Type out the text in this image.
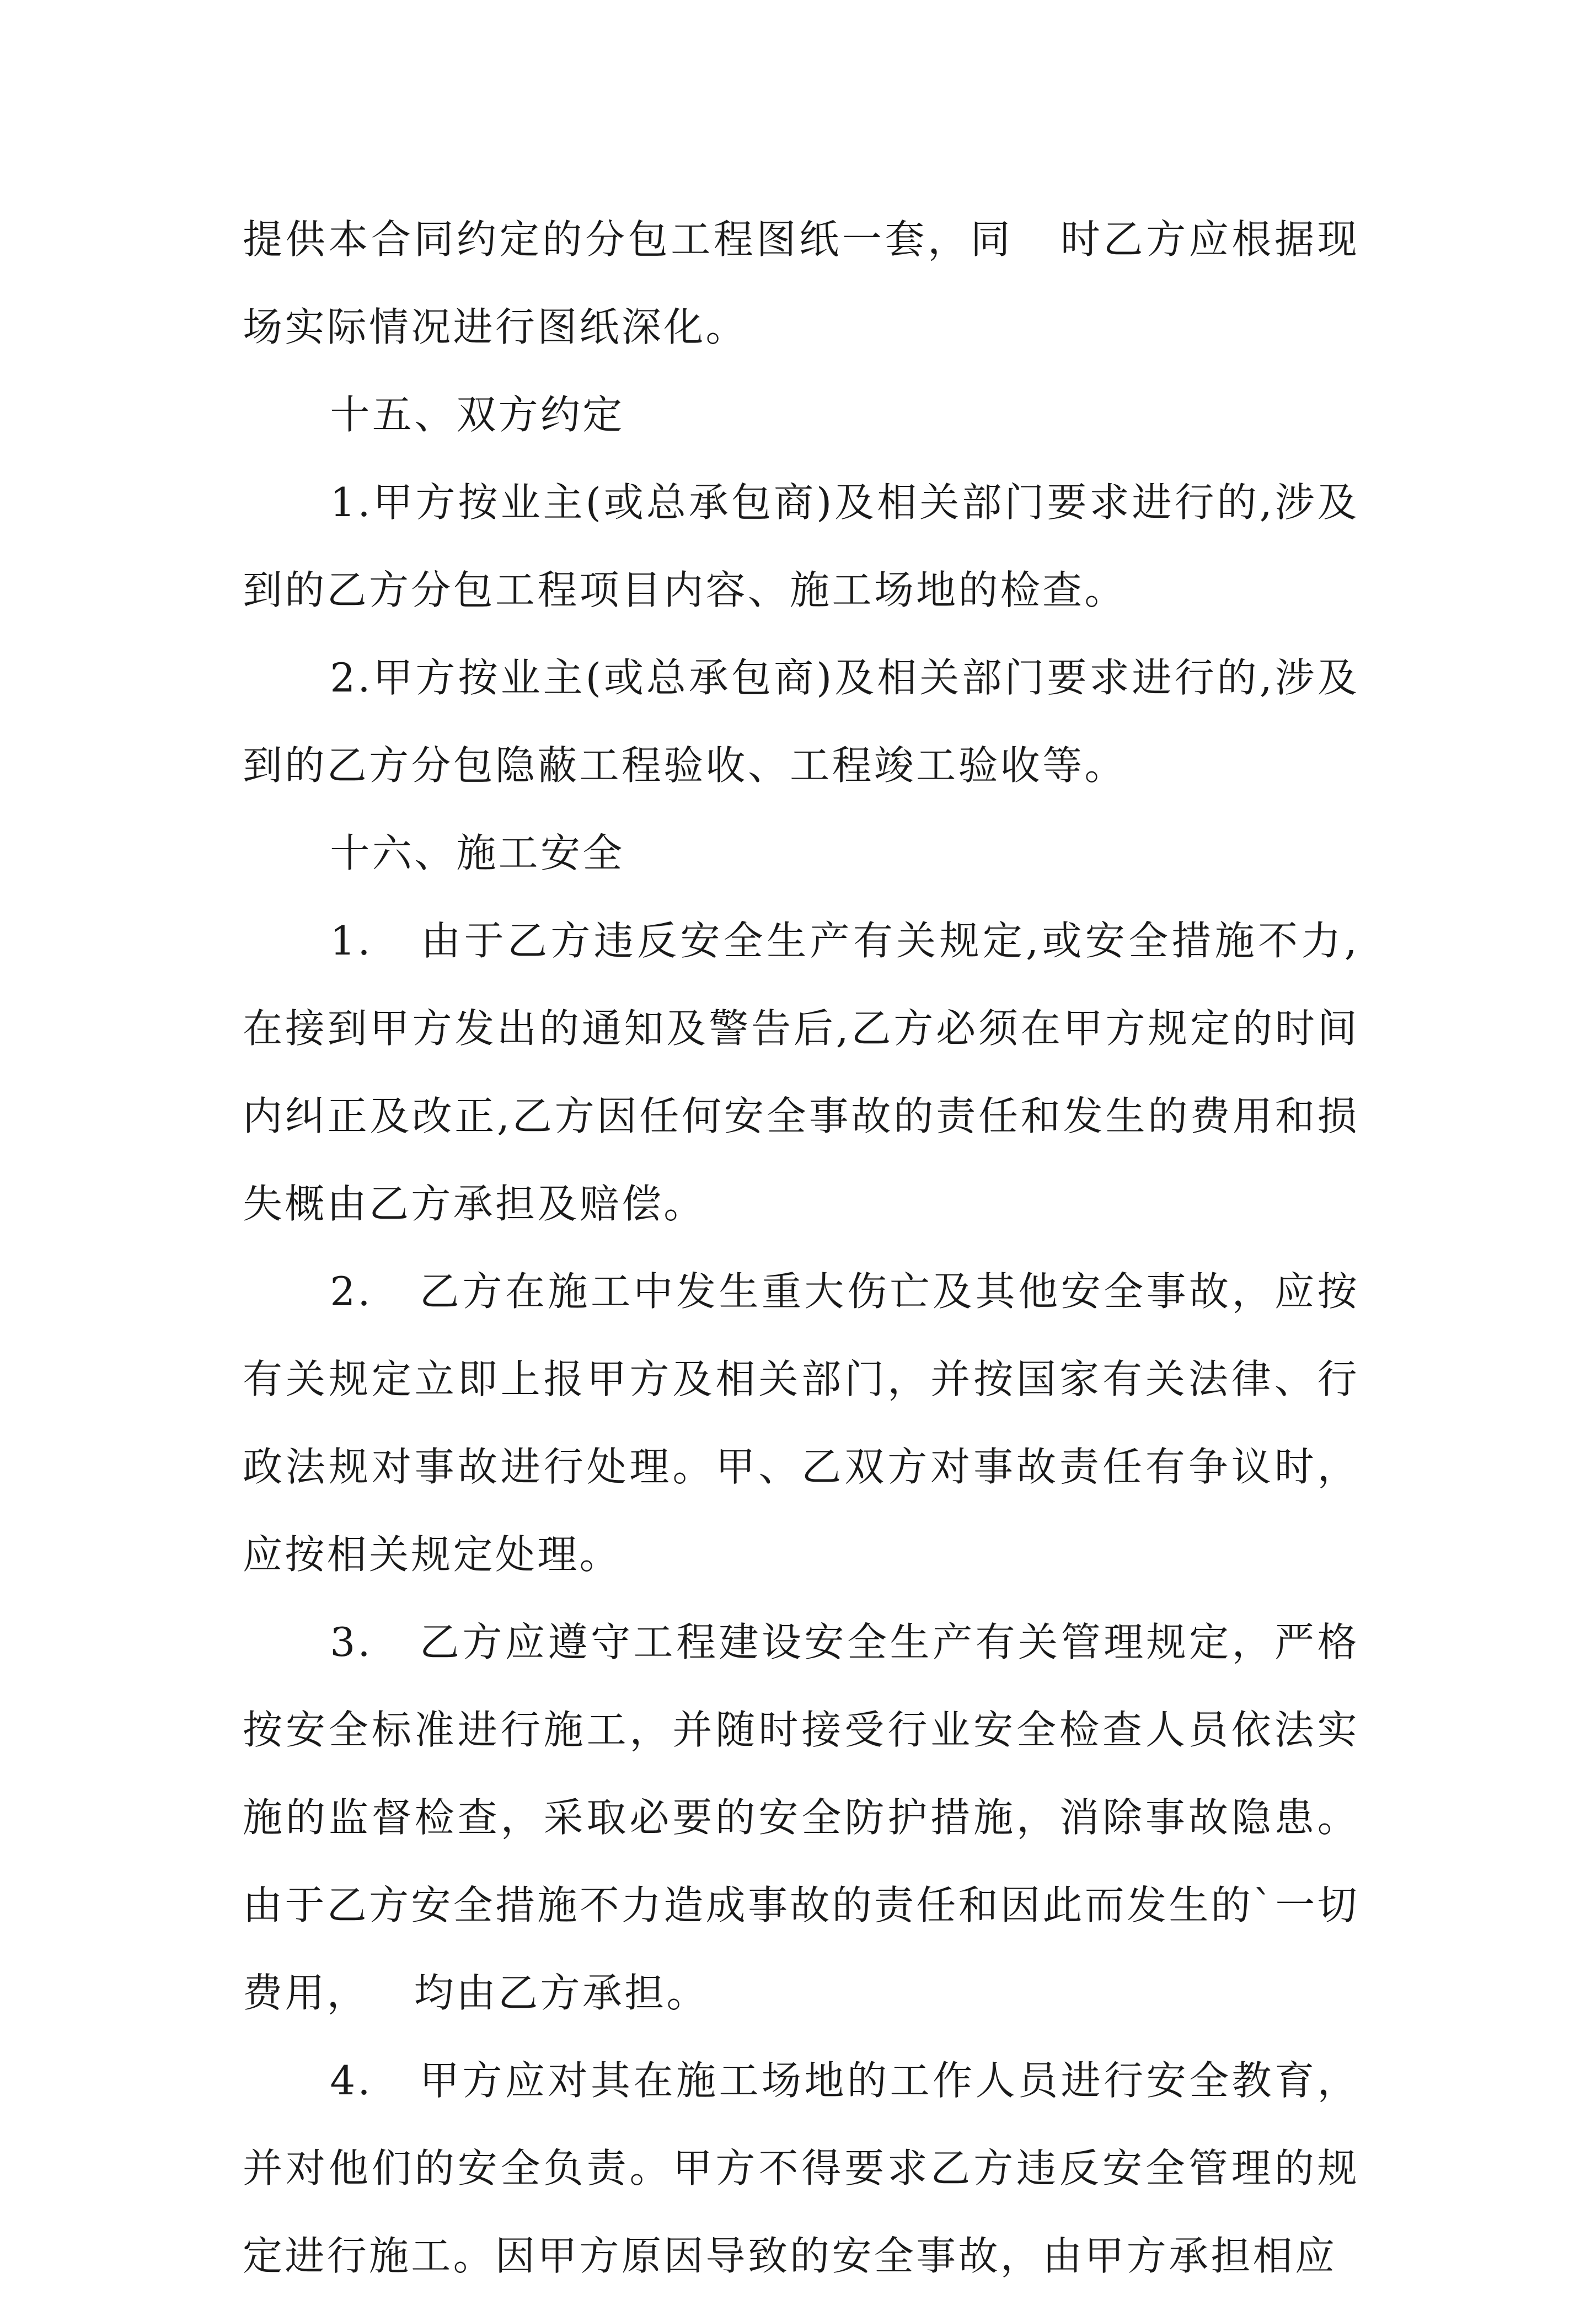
提供本合同约定的分包工程图纸一套，同   时乙方应根据现场实际情况进行图纸深化。

十五、双方约定

1.甲方按业主(或总承包商)及相关部门要求进行的,涉及到的乙方分包工程项目内容、施工场地的检查。

2.甲方按业主(或总承包商)及相关部门要求进行的,涉及到的乙方分包隐蔽工程验收、工程竣工验收等。

十六、施工安全

1.   由于乙方违反安全生产有关规定,或安全措施不力,在接到甲方发出的通知及警告后,乙方必须在甲方规定的时间内纠正及改正,乙方因任何安全事故的责任和发生的费用和损失概由乙方承担及赔偿。

2.   乙方在施工中发生重大伤亡及其他安全事故，应按有关规定立即上报甲方及相关部门，并按国家有关法律、行政法规对事故进行处理。甲、乙双方对事故责任有争议时，应按相关规定处理。

3.   乙方应遵守工程建设安全生产有关管理规定，严格按安全标准进行施工，并随时接受行业安全检查人员依法实施的监督检查，采取必要的安全防护措施，消除事故隐患。由于乙方安全措施不力造成事故的责任和因此而发生的`一切费用，   均由乙方承担。

4.   甲方应对其在施工场地的工作人员进行安全教育，并对他们的安全负责。甲方不得要求乙方违反安全管理的规定进行施工。因甲方原因导致的安全事故，由甲方承担相应
